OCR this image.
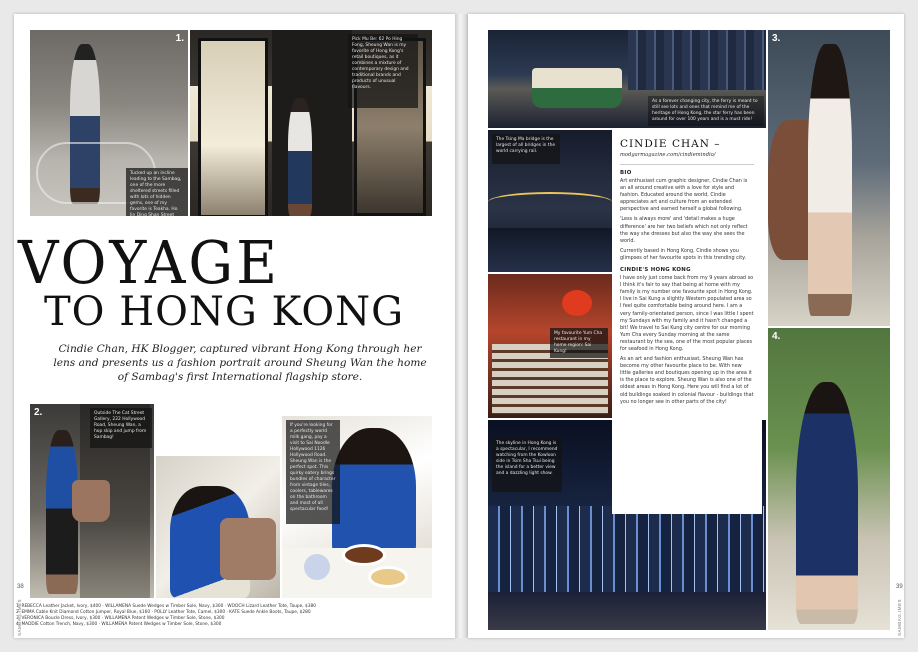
1.
Tucked up an incline leading to the Sambag, one of the more sheltered streets filled with lots of hidden gems, one of my favorite is Teakha. Ho Jin Ding Shan Street
Pick Mu Be: 62 Po Hing Fong, Sheung Wan is my favorite of Hong Kong's retail boutiques, as it combines a mixture of contemporary design and traditional brands and products of unusual flavours.
VOYAGE
TO HONG KONG
Cindie Chan, HK Blogger, captured vibrant Hong Kong through her lens and presents us a fashion portrait around Sheung Wan the home of Sambag's first International flagship store.
2.	Outside The Cat Street Gallery, 222 Hollywood Road, Sheung Wan, a hop skip and jump from Sambag!
If you're looking for a perfectly world milk gang, pay a visit to Sai Noodle Hollywood 1126 Hollywood Road. Sheung Wan is the perfect spot. This quirky eatery brings bundles of character from vintage tiles, coolers, tablewares on the bathroom and most of all spectacular food!
1. REBECCA Leather Jacket, Ivory, $400 · WILLAMENA Suede Wedges w Timber Sole, Navy, $300 · WOOCH Lizard Leather Tote, Taupe, $380
2. EMMA Cable Knit Diamond Cotton Jumper, Royal Blue, $160 · POLLY Leather Tote, Camel, $300 · KATE Suede Ankle Boots, Taupe, $280
3. VERONICA Boucle Dress, Ivory, $300 · WILLAMENA Patent Wedges w Timber Sole, Stone, $300
4. MADDIE Cotton Trench, Navy, $300 · WILLAMENA Patent Wedges w Timber Sole, Stone, $300
38
SAMBAG.IMES
As a forever changing city, the ferry is meant to still see lots and ones that remind me of the heritage of Hong Kong, the star ferry has been around for over 100 years and is a must ride!
The Tsing Ma bridge is the largest of all bridges in the world carrying rail.
My favourite Yum Cha restaurant in my home region: Sai Kung!
The skyline in Hong Kong is a spectacular, I recommend watching from the Kowloon side in Tsim Sha Tsui being the island for a better view and a dazzling light show.
3.
4.
CINDIE CHAN –
modgarmagazine.com/cindiemindio/
BIO

Art enthusiast cum graphic designer, Cindie Chan is an all around creative with a love for style and fashion. Educated around the world, Cindie appreciates art and culture from an extended perspective and earned herself a global following.

'Less is always more' and 'detail makes a huge difference' are her two beliefs which not only reflect the way she dresses but also the way she sees the world.

Currently based in Hong Kong, Cindie shows you glimpses of her favourite spots in this trending city.

CINDIE'S HONG KONG

I have only just come back from my 9 years abroad so I think it's fair to say that being at home with my family is my number one favourite spot in Hong Kong. I live in Sai Kung a slightly Western populated area so I feel quite comfortable being around here. I am a very family-orientated person, since I was little I spent my Sundays with my family and it hasn't changed a bit! We travel to Sai Kung city centre for our morning Yum Cha every Sunday morning at the same restaurant by the sea, one of the most popular places for seafood in Hong Kong.

As an art and fashion enthusiast, Sheung Wan has become my other favourite place to be. With new little galleries and boutiques opening up in the area it is the place to explore. Sheung Wan is also one of the oldest areas in Hong Kong. Here you will find a lot of old buildings soaked in colonial flavour - buildings that you no longer see in other parts of the city!

39
SAMBAG.IMES
